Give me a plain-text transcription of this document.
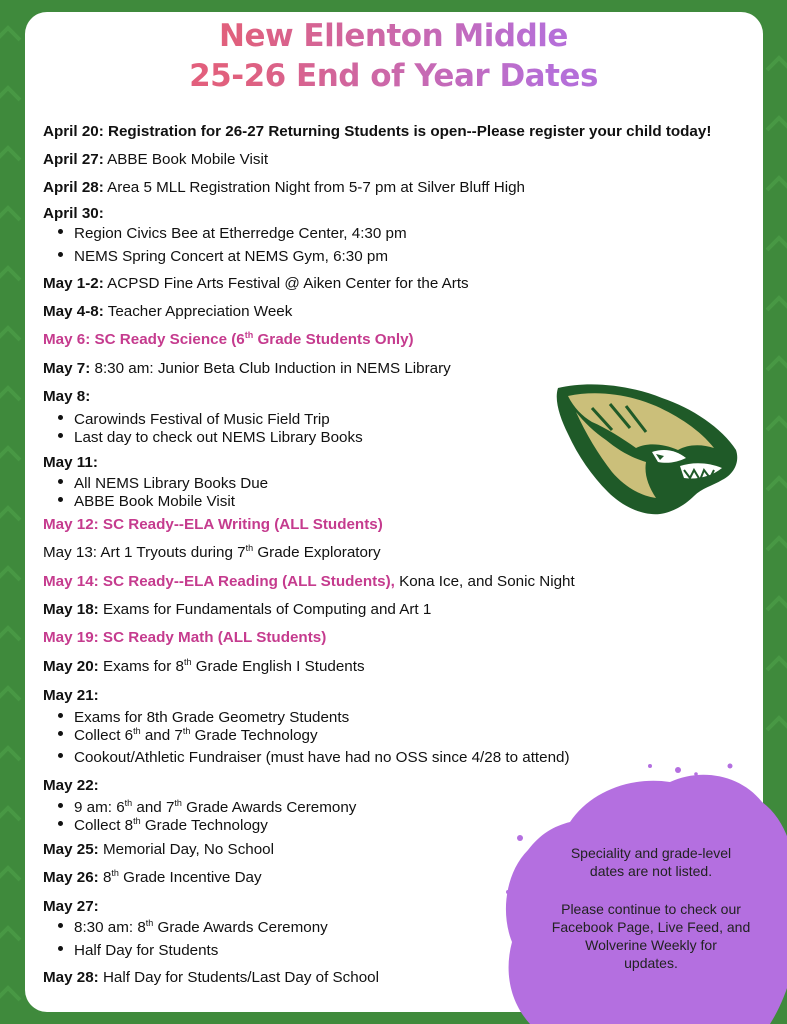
New Ellenton Middle
25-26 End of Year Dates
April 20: Registration for 26-27 Returning Students is open--Please register your child today!
April 27: ABBE Book Mobile Visit
April 28: Area 5 MLL Registration Night from 5-7 pm at Silver Bluff High
April 30:
Region Civics Bee at Etherredge Center, 4:30 pm
NEMS Spring Concert at NEMS Gym, 6:30 pm
May 1-2: ACPSD Fine Arts Festival @ Aiken Center for the Arts
May 4-8: Teacher Appreciation Week
May 6: SC Ready Science (6th Grade Students Only)
May 7: 8:30 am: Junior Beta Club Induction in NEMS Library
May 8:
Carowinds Festival of Music Field Trip
Last day to check out NEMS Library Books
May 11:
All NEMS Library Books Due
ABBE Book Mobile Visit
May 12: SC Ready--ELA Writing (ALL Students)
May 13: Art 1 Tryouts during 7th Grade Exploratory
May 14: SC Ready--ELA Reading (ALL Students), Kona Ice, and Sonic Night
May 18: Exams for Fundamentals of Computing and Art 1
May 19: SC Ready Math (ALL Students)
May 20: Exams for 8th Grade English I Students
May 21:
Exams for 8th Grade Geometry Students
Collect 6th and 7th Grade Technology
Cookout/Athletic Fundraiser (must have had no OSS since 4/28 to attend)
May 22:
9 am: 6th and 7th Grade Awards Ceremony
Collect 8th Grade Technology
May 25: Memorial Day, No School
May 26: 8th Grade Incentive Day
May 27:
8:30 am: 8th Grade Awards Ceremony
Half Day for Students
May 28: Half Day for Students/Last Day of School
Speciality and grade-level
dates are not listed.
Please continue to check our
Facebook Page, Live Feed, and
Wolverine Weekly for
updates.
